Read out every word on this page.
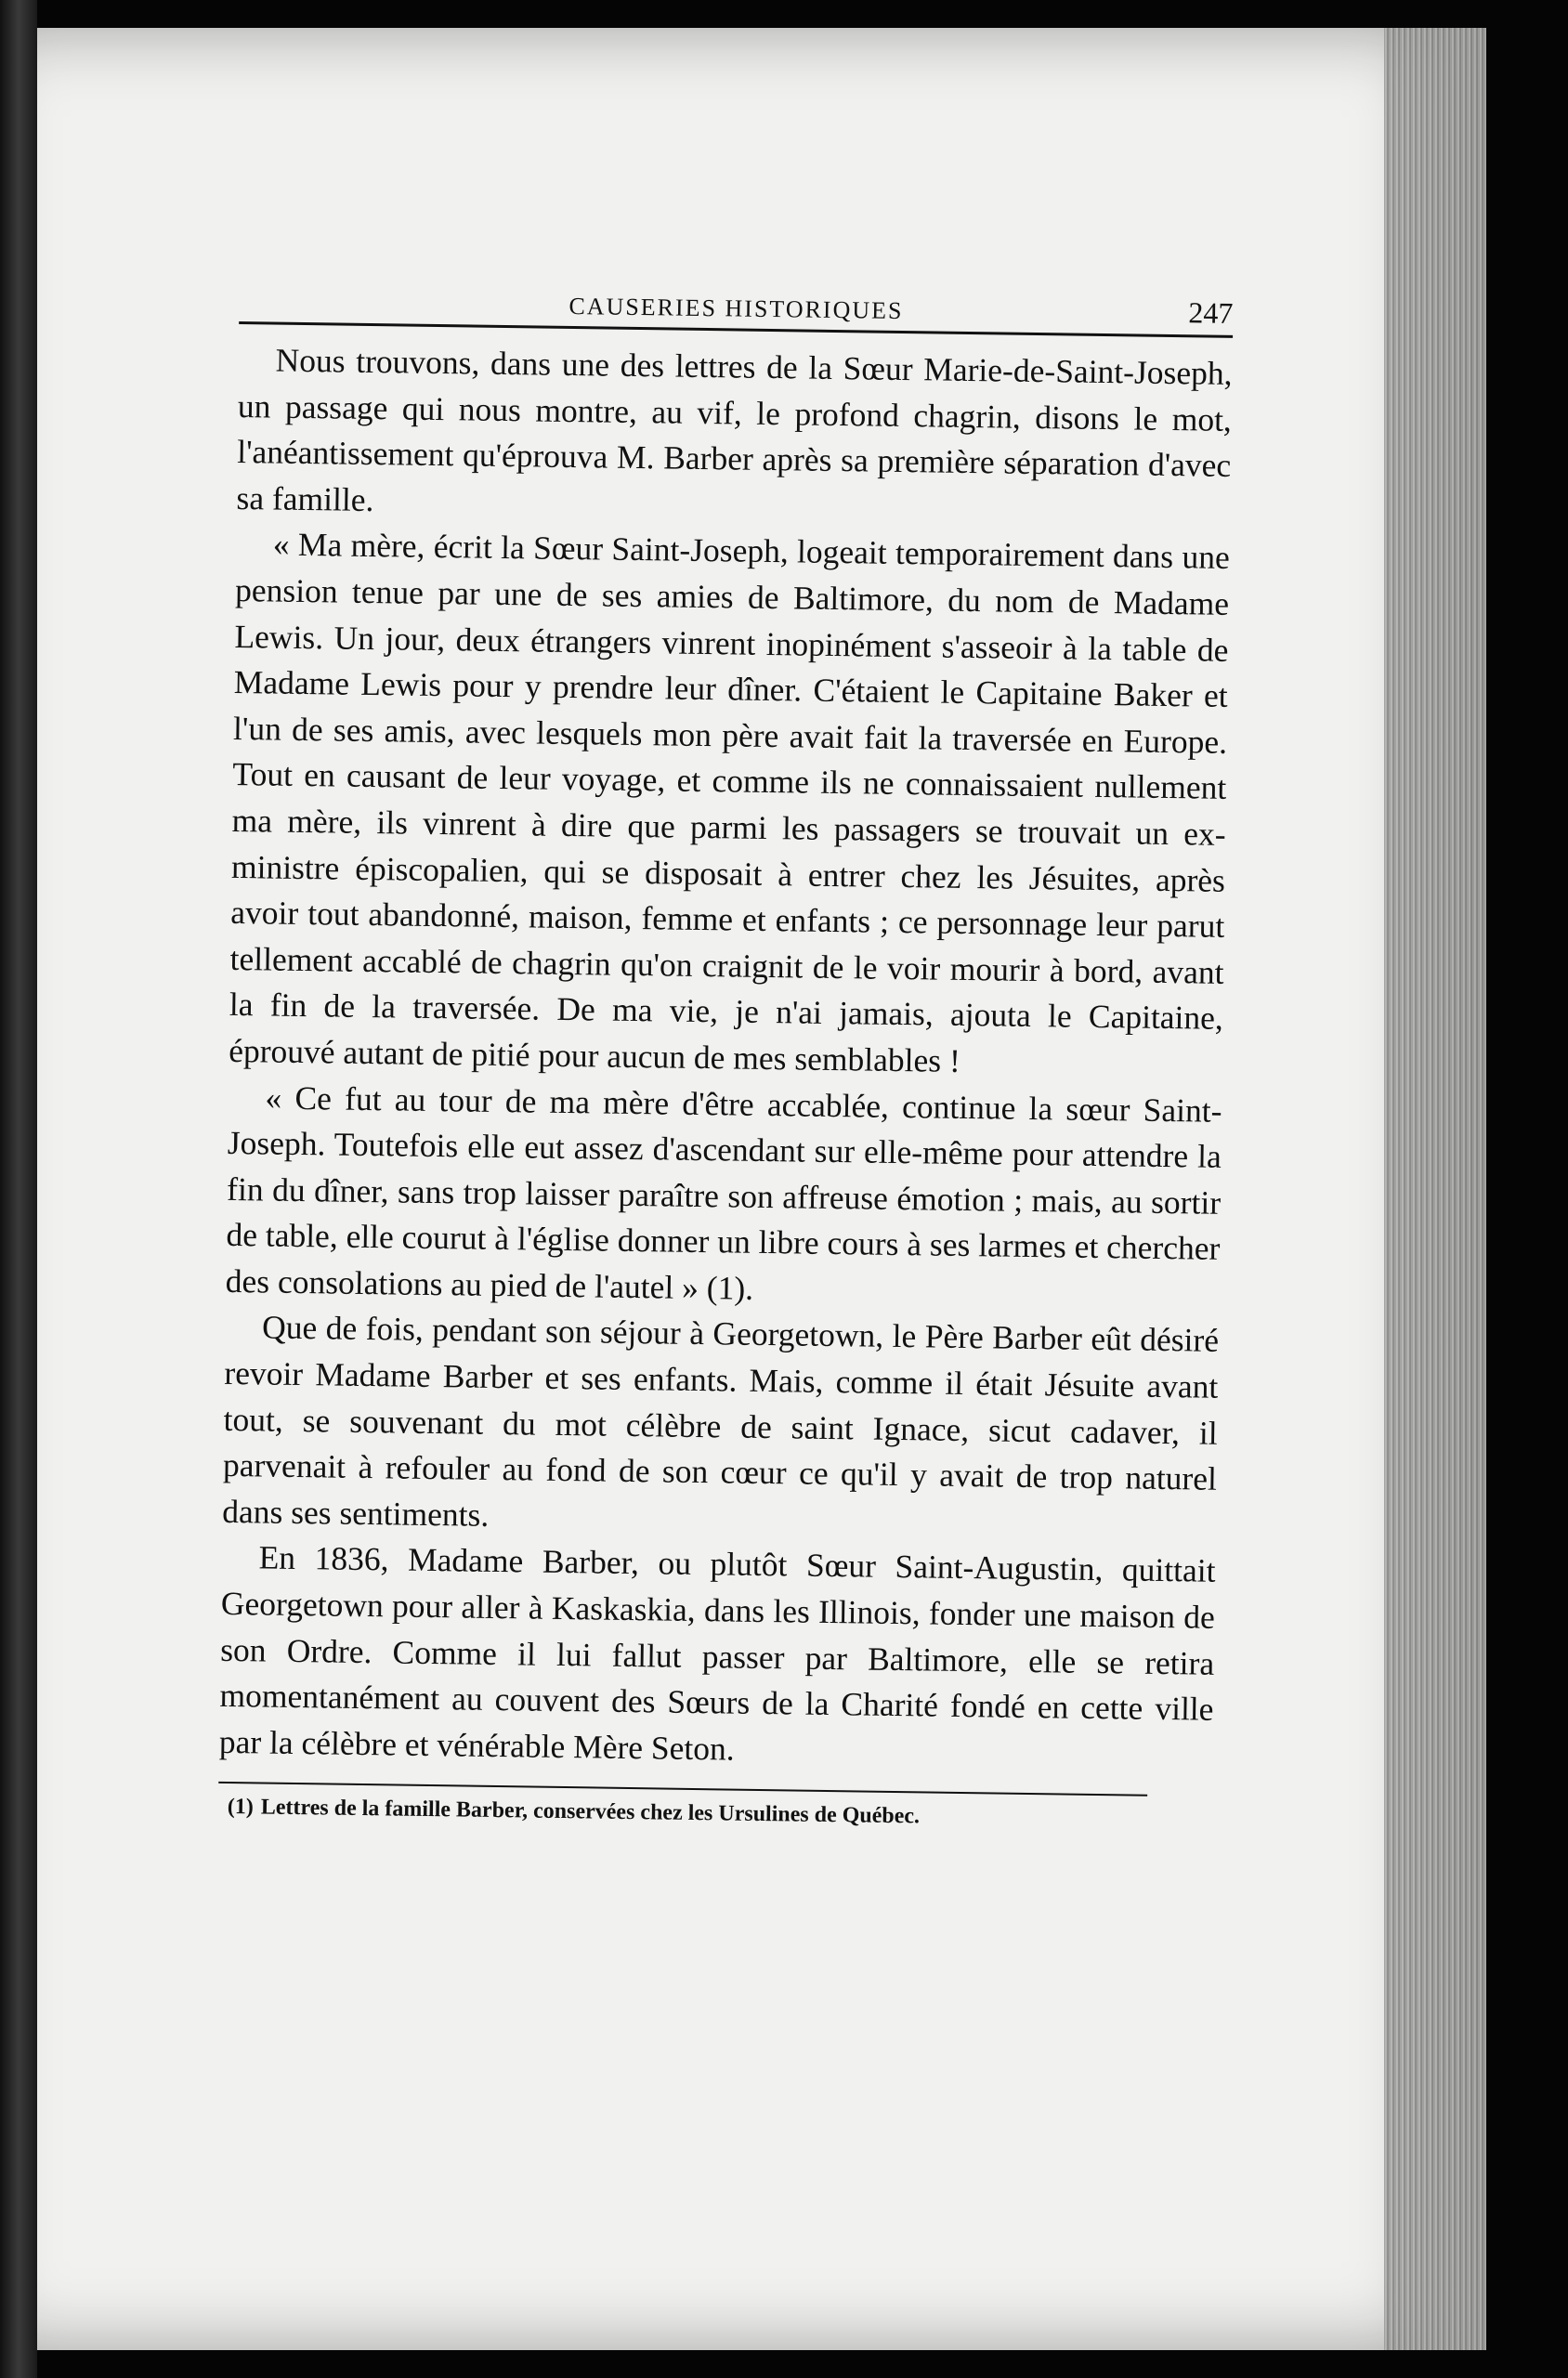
CAUSERIES HISTORIQUES	247

Nous trouvons, dans une des lettres de la Sœur Marie-de-Saint-Joseph, un passage qui nous montre, au vif, le profond chagrin, disons le mot, l'anéantissement qu'éprouva M. Barber après sa première séparation d'avec sa famille.

« Ma mère, écrit la Sœur Saint-Joseph, logeait temporairement dans une pension tenue par une de ses amies de Baltimore, du nom de Madame Lewis. Un jour, deux étrangers vinrent inopinément s'asseoir à la table de Madame Lewis pour y prendre leur dîner. C'étaient le Capitaine Baker et l'un de ses amis, avec lesquels mon père avait fait la traversée en Europe. Tout en causant de leur voyage, et comme ils ne connaissaient nullement ma mère, ils vinrent à dire que parmi les passagers se trouvait un ex-ministre épiscopalien, qui se disposait à entrer chez les Jésuites, après avoir tout abandonné, maison, femme et enfants ; ce personnage leur parut tellement accablé de chagrin qu'on craignit de le voir mourir à bord, avant la fin de la traversée. De ma vie, je n'ai jamais, ajouta le Capitaine, éprouvé autant de pitié pour aucun de mes semblables !

« Ce fut au tour de ma mère d'être accablée, continue la sœur Saint-Joseph. Toutefois elle eut assez d'ascendant sur elle-même pour attendre la fin du dîner, sans trop laisser paraître son affreuse émotion ; mais, au sortir de table, elle courut à l'église donner un libre cours à ses larmes et chercher des consolations au pied de l'autel » (1).

Que de fois, pendant son séjour à Georgetown, le Père Barber eût désiré revoir Madame Barber et ses enfants. Mais, comme il était Jésuite avant tout, se souvenant du mot célèbre de saint Ignace, sicut cadaver, il parvenait à refouler au fond de son cœur ce qu'il y avait de trop naturel dans ses sentiments.

En 1836, Madame Barber, ou plutôt Sœur Saint-Augustin, quittait Georgetown pour aller à Kaskaskia, dans les Illinois, fonder une maison de son Ordre. Comme il lui fallut passer par Baltimore, elle se retira momentanément au couvent des Sœurs de la Charité fondé en cette ville par la célèbre et vénérable Mère Seton.

(1) Lettres de la famille Barber, conservées chez les Ursulines de Québec.
